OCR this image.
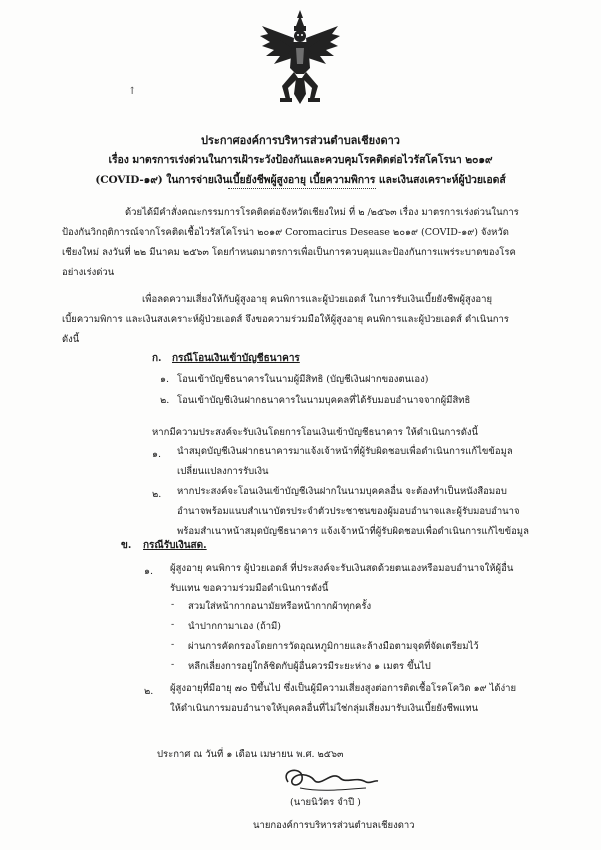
↑
ประกาศองค์การบริหารส่วนตำบลเชียงดาว
เรื่อง มาตรการเร่งด่วนในการเฝ้าระวังป้องกันและควบคุมโรคติดต่อไวรัสโคโรนา ๒๐๑๙
(COVID-๑๙) ในการจ่ายเงินเบี้ยยังชีพผู้สูงอายุ เบี้ยความพิการ และเงินสงเคราะห์ผู้ป่วยเอดส์
ด้วยได้มีคำสั่งคณะกรรมการโรคติดต่อจังหวัดเชียงใหม่ ที่ ๒ /๒๕๖๓ เรื่อง มาตรการเร่งด่วนในการ
ป้องกันวิกฤติการณ์จากโรคติดเชื้อไวรัสโคโรน่า ๒๐๑๙ Coromacirus Desease ๒๐๑๙ (COVID-๑๙) จังหวัด
เชียงใหม่ ลงวันที่ ๒๒ มีนาคม ๒๕๖๓ โดยกำหนดมาตรการเพื่อเป็นการควบคุมและป้องกันการแพร่ระบาดของโรค
อย่างเร่งด่วน
เพื่อลดความเสี่ยงให้กับผู้สูงอายุ คนพิการและผู้ป่วยเอดส์ ในการรับเงินเบี้ยยังชีพผู้สูงอายุ
เบี้ยความพิการ และเงินสงเคราะห์ผู้ป่วยเอดส์ จึงขอความร่วมมือให้ผู้สูงอายุ คนพิการและผู้ป่วยเอดส์ ดำเนินการ
ดังนี้
ก. กรณีโอนเงินเข้าบัญชีธนาคาร
๑. โอนเข้าบัญชีธนาคารในนามผู้มีสิทธิ (บัญชีเงินฝากของตนเอง)
๒. โอนเข้าบัญชีเงินฝากธนาคารในนามบุคคลที่ได้รับมอบอำนาจจากผู้มีสิทธิ
หากมีความประสงค์จะรับเงินโดยการโอนเงินเข้าบัญชีธนาคาร ให้ดำเนินการดังนี้
๑. นำสมุดบัญชีเงินฝากธนาคารมาแจ้งเจ้าหน้าที่ผู้รับผิดชอบเพื่อดำเนินการแก้ไขข้อมูล
เปลี่ยนแปลงการรับเงิน
๒. หากประสงค์จะโอนเงินเข้าบัญชีเงินฝากในนามบุคคลอื่น จะต้องทำเป็นหนังสือมอบ
อำนาจพร้อมแนบสำเนาบัตรประจำตัวประชาชนของผู้มอบอำนาจและผู้รับมอบอำนาจ
พร้อมสำเนาหน้าสมุดบัญชีธนาคาร แจ้งเจ้าหน้าที่ผู้รับผิดชอบเพื่อดำเนินการแก้ไขข้อมูล
ข. กรณีรับเงินสด.
๑. ผู้สูงอายุ คนพิการ ผู้ป่วยเอดส์ ที่ประสงค์จะรับเงินสดด้วยตนเองหรือมอบอำนาจให้ผู้อื่น
รับแทน ขอความร่วมมือดำเนินการดังนี้
- สวมใส่หน้ากากอนามัยหรือหน้ากากผ้าทุกครั้ง
- นำปากกามาเอง (ถ้ามี)
- ผ่านการคัดกรองโดยการวัดอุณหภูมิกายและล้างมือตามจุดที่จัดเตรียมไว้
- หลีกเลี่ยงการอยู่ใกล้ชิดกับผู้อื่นควรมีระยะห่าง ๑ เมตร ขึ้นไป
๒. ผู้สูงอายุที่มีอายุ ๗๐ ปีขึ้นไป ซึ่งเป็นผู้มีความเสี่ยงสูงต่อการติดเชื้อโรคโควิด ๑๙ ได้ง่าย
ให้ดำเนินการมอบอำนาจให้บุคคลอื่นที่ไม่ใช่กลุ่มเสี่ยงมารับเงินเบี้ยยังชีพแทน
ประกาศ ณ วันที่ ๑ เดือน เมษายน พ.ศ. ๒๕๖๓
(นายนิวัตร จำปี )
นายกองค์การบริหารส่วนตำบลเชียงดาว
